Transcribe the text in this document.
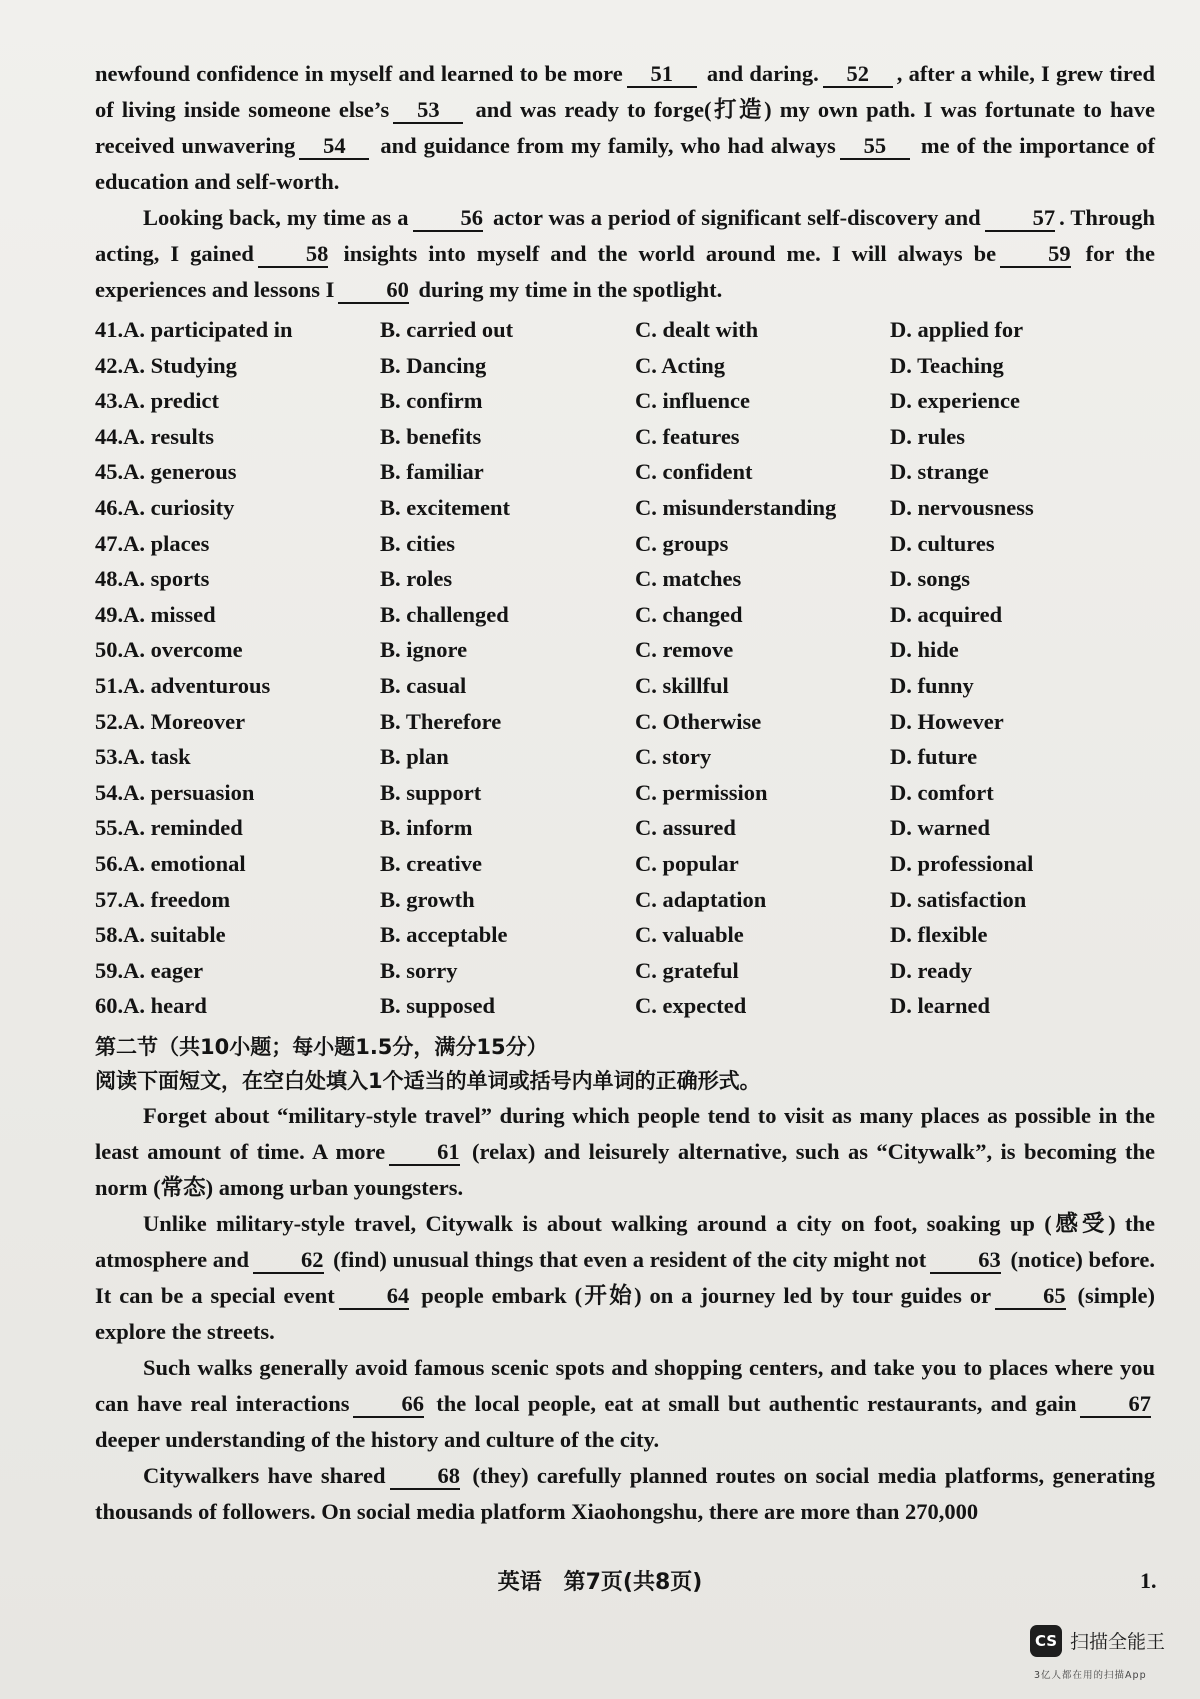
newfound confidence in myself and learned to be more 51 and daring. 52 , after a while, I grew tired of living inside someone else’s 53 and was ready to forge(打造) my own path. I was fortunate to have received unwavering 54 and guidance from my family, who had always 55 me of the importance of education and self-worth.

Looking back, my time as a 56 actor was a period of significant self-discovery and 57 . Through acting, I gained 58 insights into myself and the world around me. I will always be 59 for the experiences and lessons I 60 during my time in the spotlight.

41.A. participated in	B. carried out	C. dealt with	D. applied for
42.A. Studying	B. Dancing	C. Acting	D. Teaching
43.A. predict	B. confirm	C. influence	D. experience
44.A. results	B. benefits	C. features	D. rules
45.A. generous	B. familiar	C. confident	D. strange
46.A. curiosity	B. excitement	C. misunderstanding	D. nervousness
47.A. places	B. cities	C. groups	D. cultures
48.A. sports	B. roles	C. matches	D. songs
49.A. missed	B. challenged	C. changed	D. acquired
50.A. overcome	B. ignore	C. remove	D. hide
51.A. adventurous	B. casual	C. skillful	D. funny
52.A. Moreover	B. Therefore	C. Otherwise	D. However
53.A. task	B. plan	C. story	D. future
54.A. persuasion	B. support	C. permission	D. comfort
55.A. reminded	B. inform	C. assured	D. warned
56.A. emotional	B. creative	C. popular	D. professional
57.A. freedom	B. growth	C. adaptation	D. satisfaction
58.A. suitable	B. acceptable	C. valuable	D. flexible
59.A. eager	B. sorry	C. grateful	D. ready
60.A. heard	B. supposed	C. expected	D. learned
第二节（共10小题；每小题1.5分，满分15分）
阅读下面短文，在空白处填入1个适当的单词或括号内单词的正确形式。

Forget about “military-style travel” during which people tend to visit as many places as possible in the least amount of time. A more 61 (relax) and leisurely alternative, such as “Citywalk”, is becoming the norm (常态) among urban youngsters.

Unlike military-style travel, Citywalk is about walking around a city on foot, soaking up (感受) the atmosphere and 62 (find) unusual things that even a resident of the city might not 63 (notice) before. It can be a special event 64 people embark (开始) on a journey led by tour guides or 65 (simple) explore the streets.

Such walks generally avoid famous scenic spots and shopping centers, and take you to places where you can have real interactions 66 the local people, eat at small but authentic restaurants, and gain 67 deeper understanding of the history and culture of the city.

Citywalkers have shared 68 (they) carefully planned routes on social media platforms, generating thousands of followers. On social media platform Xiaohongshu, there are more than 270,000

英语　第7页(共8页)	1.
CS 扫描全能王
3亿人都在用的扫描App
